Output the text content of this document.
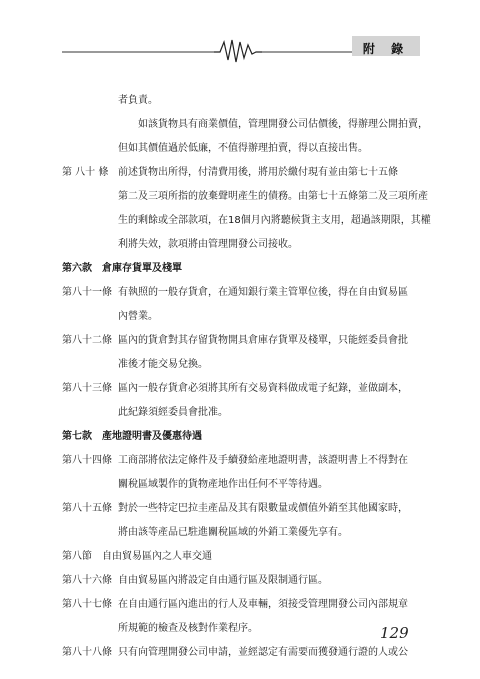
附 錄
者負責。
如該貨物具有商業價值，管理開發公司估價後，得辦理公開拍賣，
但如其價值過於低廉，不值得辦理拍賣，得以直接出售。
第 八十 條 前述貨物出所得，付清費用後，將用於繳付現有並由第七十五條
第二及三項所指的放棄聲明產生的債務。由第七十五條第二及三項所產
生的剩餘或全部款項，在18個月內將聽候貨主支用，超過該期限，其權
利將失效，款項將由管理開發公司接收。
第六款　倉庫存貨單及棧單
第八十一條 有執照的一般存貨倉，在通知銀行業主管單位後，得在自由貿易區
內營業。
第八十二條 區內的貨倉對其存留貨物開具倉庫存貨單及棧單，只能經委員會批
准後才能交易兌換。
第八十三條 區內一般存貨倉必須將其所有交易資料做成電子紀錄，並做副本，
此紀錄須經委員會批准。
第七款　產地證明書及優惠待遇
第八十四條 工商部將依法定條件及手續發給產地證明書，該證明書上不得對在
關稅區域製作的貨物產地作出任何不平等待遇。
第八十五條 對於一些特定巴拉圭產品及其有限數量或價值外銷至其他國家時，
將由該等產品已駐進關稅區域的外銷工業優先享有。
第八節　自由貿易區內之人車交通
第八十六條 自由貿易區內將設定自由通行區及限制通行區。
第八十七條 在自由通行區內進出的行人及車輛，須接受管理開發公司內部規章
所規範的檢查及核對作業程序。
第八十八條 只有向管理開發公司申請，並經認定有需要而獲發通行證的人或公
129
